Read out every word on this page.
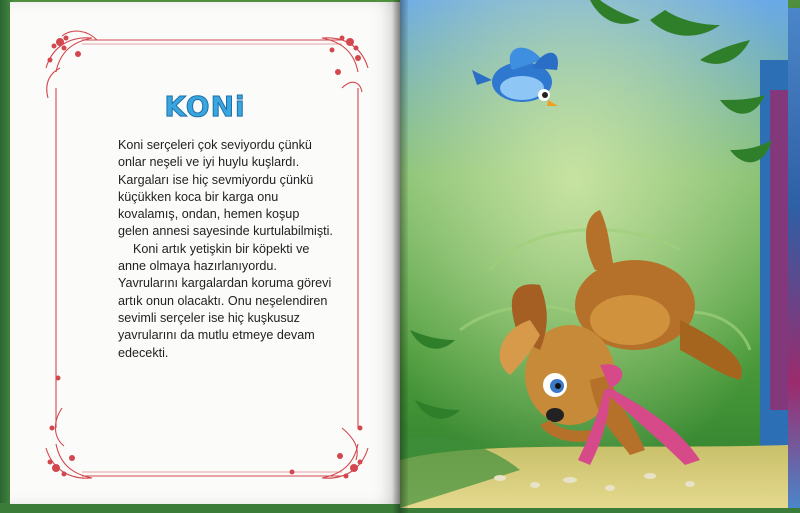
KONi

Koni serçeleri çok seviyordu çünkü onlar neşeli ve iyi huylu kuşlardı. Kargaları ise hiç sevmiyordu çünkü küçükken koca bir karga onu kovalamış, ondan, hemen koşup gelen annesi sayesinde kurtulabilmişti.

Koni artık yetişkin bir köpekti ve anne olmaya hazırlanıyordu. Yavrularını kargalardan koruma görevi artık onun olacaktı. Onu neşelendiren sevimli serçeler ise hiç kuşkusuz yavrularını da mutlu etmeye devam edecekti.
